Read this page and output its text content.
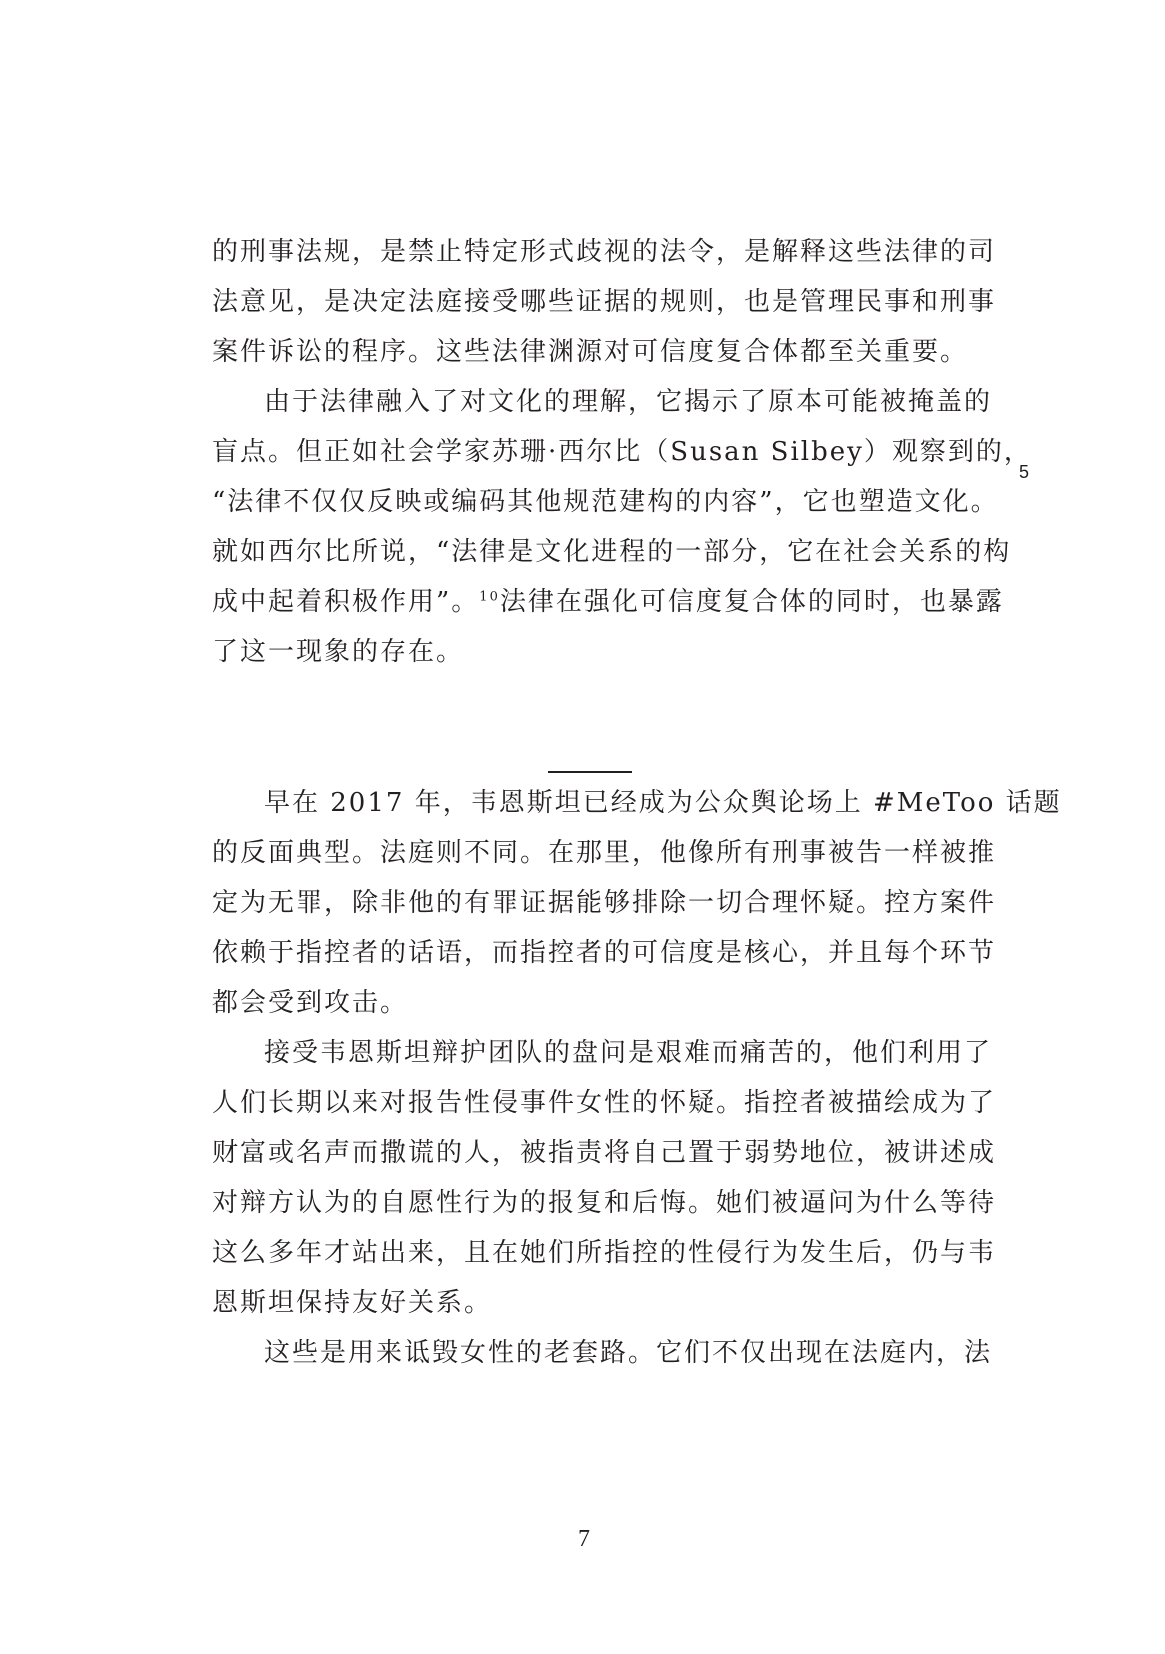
的刑事法规，是禁止特定形式歧视的法令，是解释这些法律的司
法意见，是决定法庭接受哪些证据的规则，也是管理民事和刑事
案件诉讼的程序。这些法律渊源对可信度复合体都至关重要。
由于法律融入了对文化的理解，它揭示了原本可能被掩盖的
盲点。但正如社会学家苏珊·西尔比（Susan Silbey）观察到的，
“法律不仅仅反映或编码其他规范建构的内容”，它也塑造文化。
就如西尔比所说，“法律是文化进程的一部分，它在社会关系的构
成中起着积极作用”。$^{10}$法律在强化可信度复合体的同时，也暴露
了这一现象的存在。
5
早在 2017 年，韦恩斯坦已经成为公众舆论场上 #MeToo 话题
的反面典型。法庭则不同。在那里，他像所有刑事被告一样被推
定为无罪，除非他的有罪证据能够排除一切合理怀疑。控方案件
依赖于指控者的话语，而指控者的可信度是核心，并且每个环节
都会受到攻击。
接受韦恩斯坦辩护团队的盘问是艰难而痛苦的，他们利用了
人们长期以来对报告性侵事件女性的怀疑。指控者被描绘成为了
财富或名声而撒谎的人，被指责将自己置于弱势地位，被讲述成
对辩方认为的自愿性行为的报复和后悔。她们被逼问为什么等待
这么多年才站出来，且在她们所指控的性侵行为发生后，仍与韦
恩斯坦保持友好关系。
这些是用来诋毁女性的老套路。它们不仅出现在法庭内，法
7
